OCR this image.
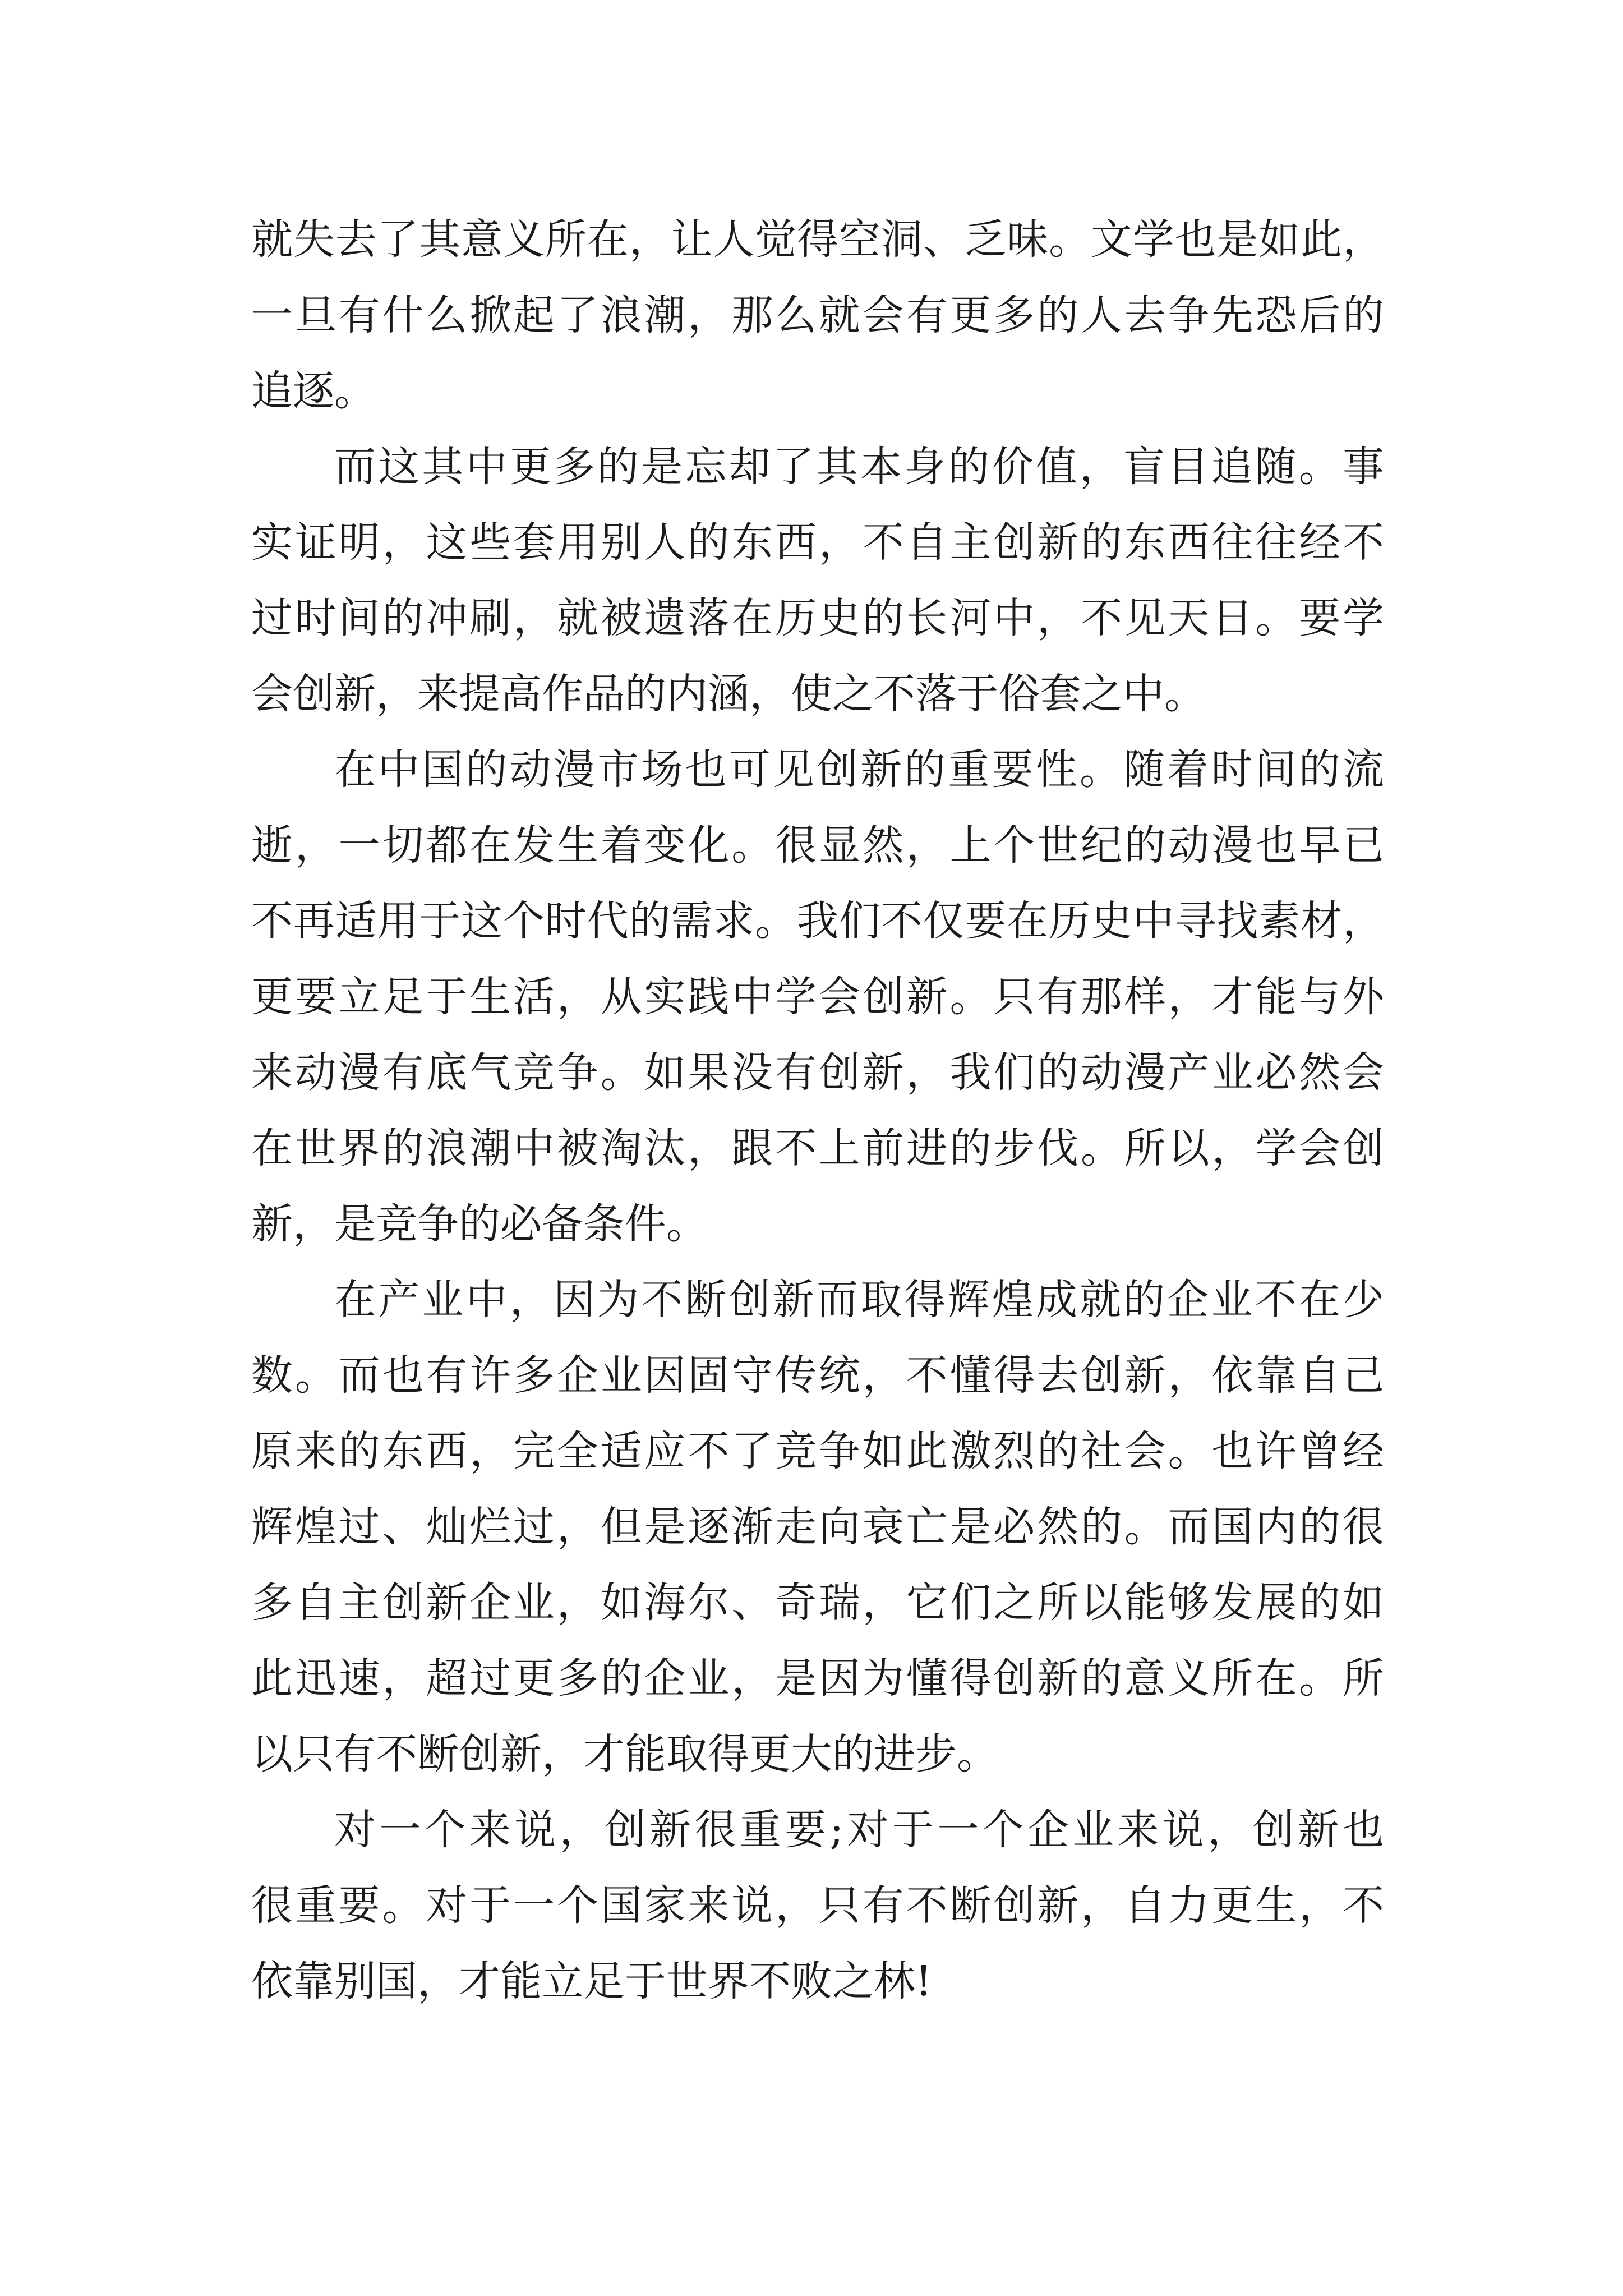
就失去了其意义所在，让人觉得空洞、乏味。文学也是如此，
一旦有什么掀起了浪潮，那么就会有更多的人去争先恐后的
追逐。
而这其中更多的是忘却了其本身的价值，盲目追随。事
实证明，这些套用别人的东西，不自主创新的东西往往经不
过时间的冲刷，就被遗落在历史的长河中，不见天日。要学
会创新，来提高作品的内涵，使之不落于俗套之中。
在中国的动漫市场也可见创新的重要性。随着时间的流
逝，一切都在发生着变化。很显然，上个世纪的动漫也早已
不再适用于这个时代的需求。我们不仅要在历史中寻找素材，
更要立足于生活，从实践中学会创新。只有那样，才能与外
来动漫有底气竞争。如果没有创新，我们的动漫产业必然会
在世界的浪潮中被淘汰，跟不上前进的步伐。所以，学会创
新，是竞争的必备条件。
在产业中，因为不断创新而取得辉煌成就的企业不在少
数。而也有许多企业因固守传统，不懂得去创新，依靠自己
原来的东西，完全适应不了竞争如此激烈的社会。也许曾经
辉煌过、灿烂过，但是逐渐走向衰亡是必然的。而国内的很
多自主创新企业，如海尔、奇瑞，它们之所以能够发展的如
此迅速，超过更多的企业，是因为懂得创新的意义所在。所
以只有不断创新，才能取得更大的进步。
对一个来说，创新很重要;对于一个企业来说，创新也
很重要。对于一个国家来说，只有不断创新，自力更生，不
依靠别国，才能立足于世界不败之林!
